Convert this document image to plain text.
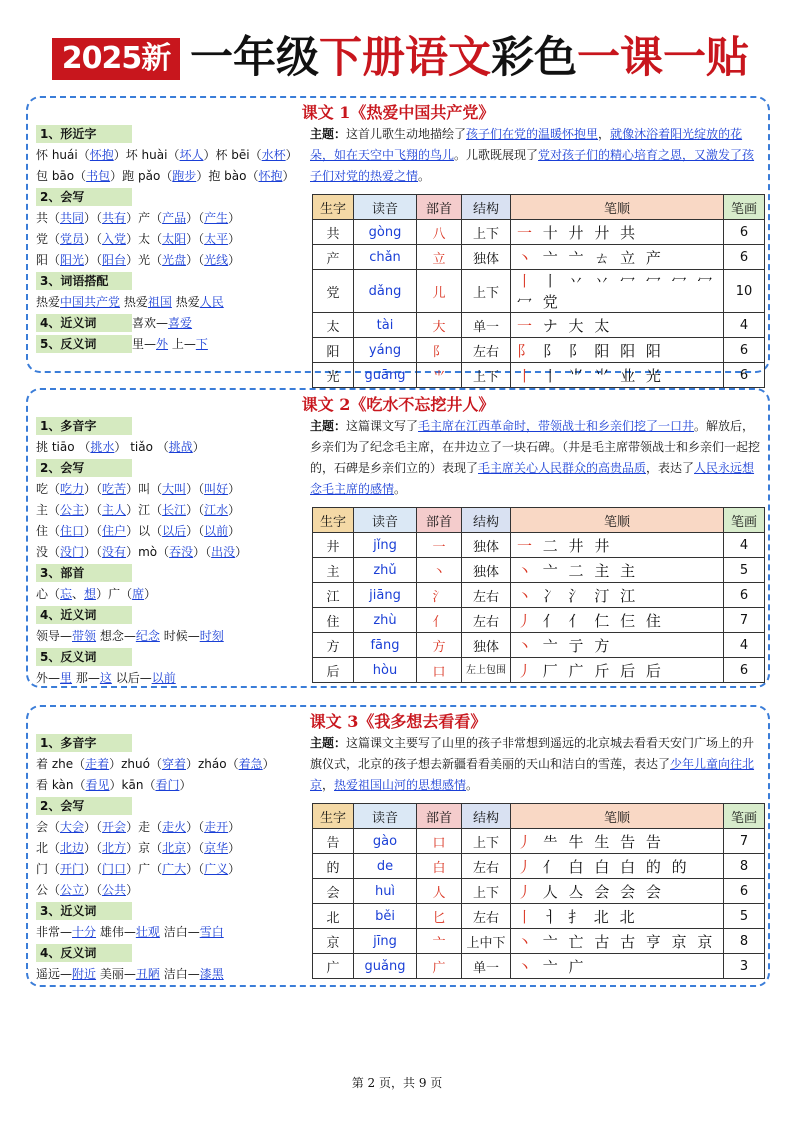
2025新 一年级下册语文彩色一课一贴
课文 1《热爱中国共产党》
1、形近字
怀 huái（怀抱）坏 huài（坏人）杯 bēi（水杯）
包 bāo（书包）跑 pǎo（跑步）抱 bào（怀抱）
2、会写
共（共同）（共有）产（产品）（产生）
党（党员）（入党）太（太阳）（太平）
阳（阳光）（阳台）光（光盘）（光线）
3、词语搭配
热爱中国共产党 热爱祖国 热爱人民
4、近义词	喜欢—喜爱
5、反义词	里—外 上—下
主题：这首儿歌生动地描绘了孩子们在党的温暖怀抱里，就像沐浴着阳光绽放的花朵，如在天空中飞翔的鸟儿。儿歌既展现了党对孩子们的精心培育之恩，又激发了孩子们对党的热爱之情。
生字	读音	部首	结构	笔顺	笔画
共	gòng	八	上下	一 十 廾 廾 共	6
产	chǎn	立	独体	丶 亠 亠 ㄊ 立 产	6
党	dǎng	儿	上下	丨 丨 丷 丷 冖 冖 冖 冖 冖 党	10
太	tài	大	单一	一 ナ 大 太	4
阳	yáng	阝	左右	阝 阝 阝 阳 阳 阳	6
光	guāng	⺌	上下	丨 丨 ⺌ ⺌ 业 光	6
课文 2《吃水不忘挖井人》
1、多音字
挑 tiāo （挑水） tiǎo （挑战）
2、会写
吃（吃力）（吃苦）叫（大叫）（叫好）
主（公主）（主人）江（长江）（江水）
住（住口）（住户）以（以后）（以前）
没（没门）（没有）mò（吞没）（出没）
3、部首
心（忘、想）广（席）
4、近义词
领导—带领 想念—纪念 时候—时刻
5、反义词
外—里 那—这 以后—以前
主题：这篇课文写了毛主席在江西革命时，带领战士和乡亲们挖了一口井。解放后，乡亲们为了纪念毛主席，在井边立了一块石碑。（井是毛主席带领战士和乡亲们一起挖的，石碑是乡亲们立的）表现了毛主席关心人民群众的高贵品质，表达了人民永远想念毛主席的感情。
生字	读音	部首	结构	笔顺	笔画
井	jǐng	一	独体	一 二 井 井	4
主	zhǔ	丶	独体	丶 亠 二 主 主	5
江	jiāng	氵	左右	丶 冫 氵 汀 江	6
住	zhù	亻	左右	丿 亻 亻 仁 仨 住	7
方	fāng	方	独体	丶 亠 亍 方	4
后	hòu	口	左上包围	丿 厂 广 斤 后 后	6
课文 3《我多想去看看》
1、多音字
着 zhe（走着）zhuó（穿着）zháo（着急）
看 kàn（看见）kān（看门）
2、会写
会（大会）（开会）走（走火）（走开）
北（北边）（北方）京（北京）（京华）
门（开门）（门口）广（广大）（广义）
公（公立）（公共）
3、近义词
非常—十分 雄伟—壮观 洁白—雪白
4、反义词
遥远—附近 美丽—丑陋 洁白—漆黑
主题：这篇课文主要写了山里的孩子非常想到遥远的北京城去看看天安门广场上的升旗仪式，北京的孩子想去新疆看看美丽的天山和洁白的雪莲，表达了少年儿童向往北京，热爱祖国山河的思想感情。
生字	读音	部首	结构	笔顺	笔画
告	gào	口	上下	丿 ⺧ 牛 生 告 告	7
的	de	白	左右	丿 亻 白 白 白 的 的	8
会	huì	人	上下	丿 人 亼 会 会 会	6
北	běi	匕	左右	丨 ㅓ 扌 北 北	5
京	jīng	亠	上中下	丶 亠 亡 古 古 亨 京 京	8
广	guǎng	广	单一	丶 亠 广	3
第 2 页，共 9 页
